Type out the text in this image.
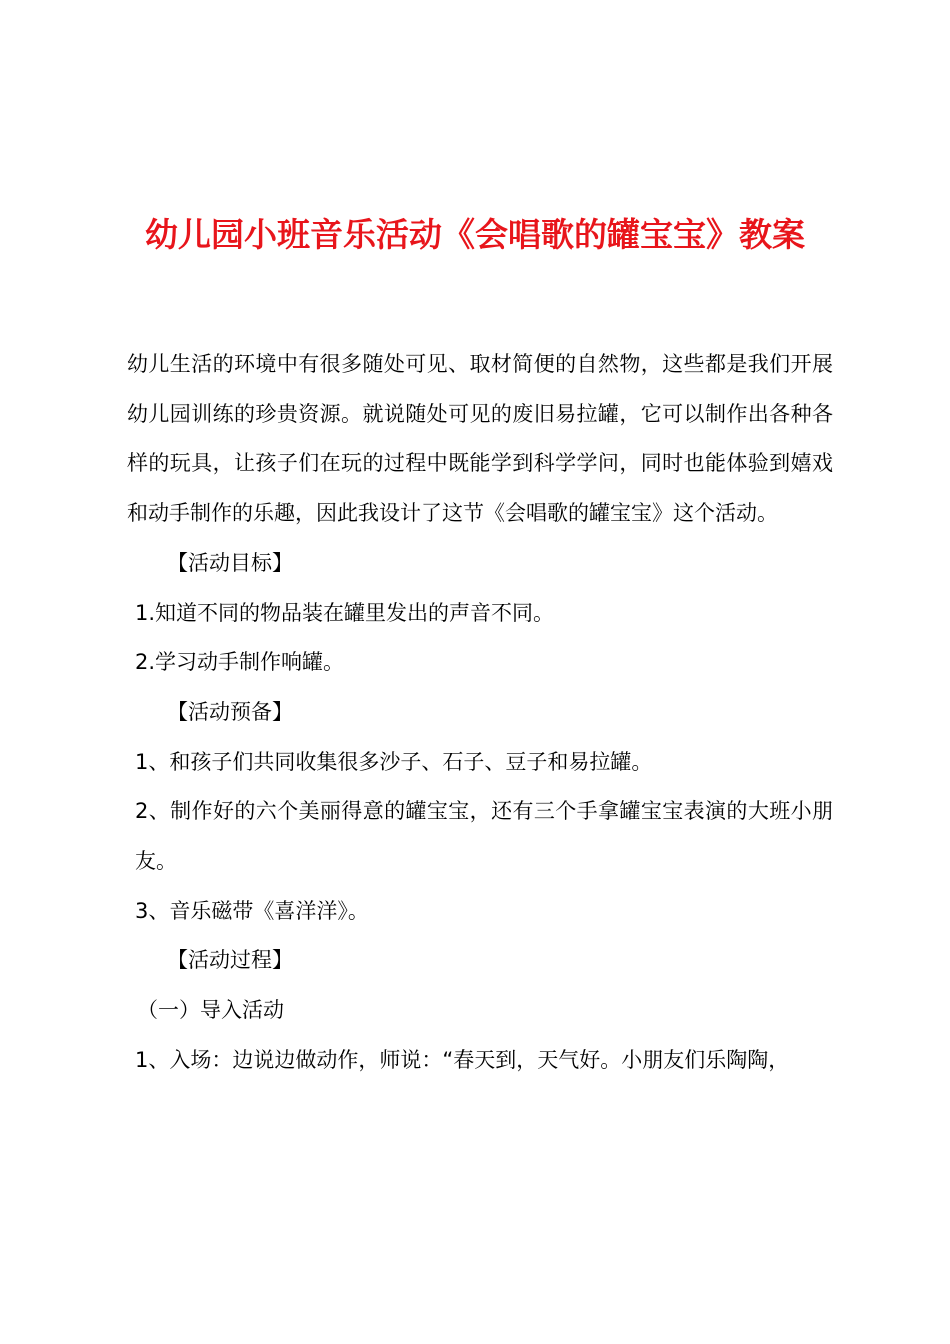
幼儿园小班音乐活动《会唱歌的罐宝宝》教案

幼儿生活的环境中有很多随处可见、取材简便的自然物，这些都是我们开展幼儿园训练的珍贵资源。就说随处可见的废旧易拉罐，它可以制作出各种各样的玩具，让孩子们在玩的过程中既能学到科学学问，同时也能体验到嬉戏和动手制作的乐趣，因此我设计了这节《会唱歌的罐宝宝》这个活动。

【活动目标】

1.知道不同的物品装在罐里发出的声音不同。

2.学习动手制作响罐。

【活动预备】

1、和孩子们共同收集很多沙子、石子、豆子和易拉罐。

2、制作好的六个美丽得意的罐宝宝，还有三个手拿罐宝宝表演的大班小朋友。

3、音乐磁带《喜洋洋》。

【活动过程】

（一）导入活动

1、入场：边说边做动作，师说：“春天到，天气好。小朋友们乐陶陶，
